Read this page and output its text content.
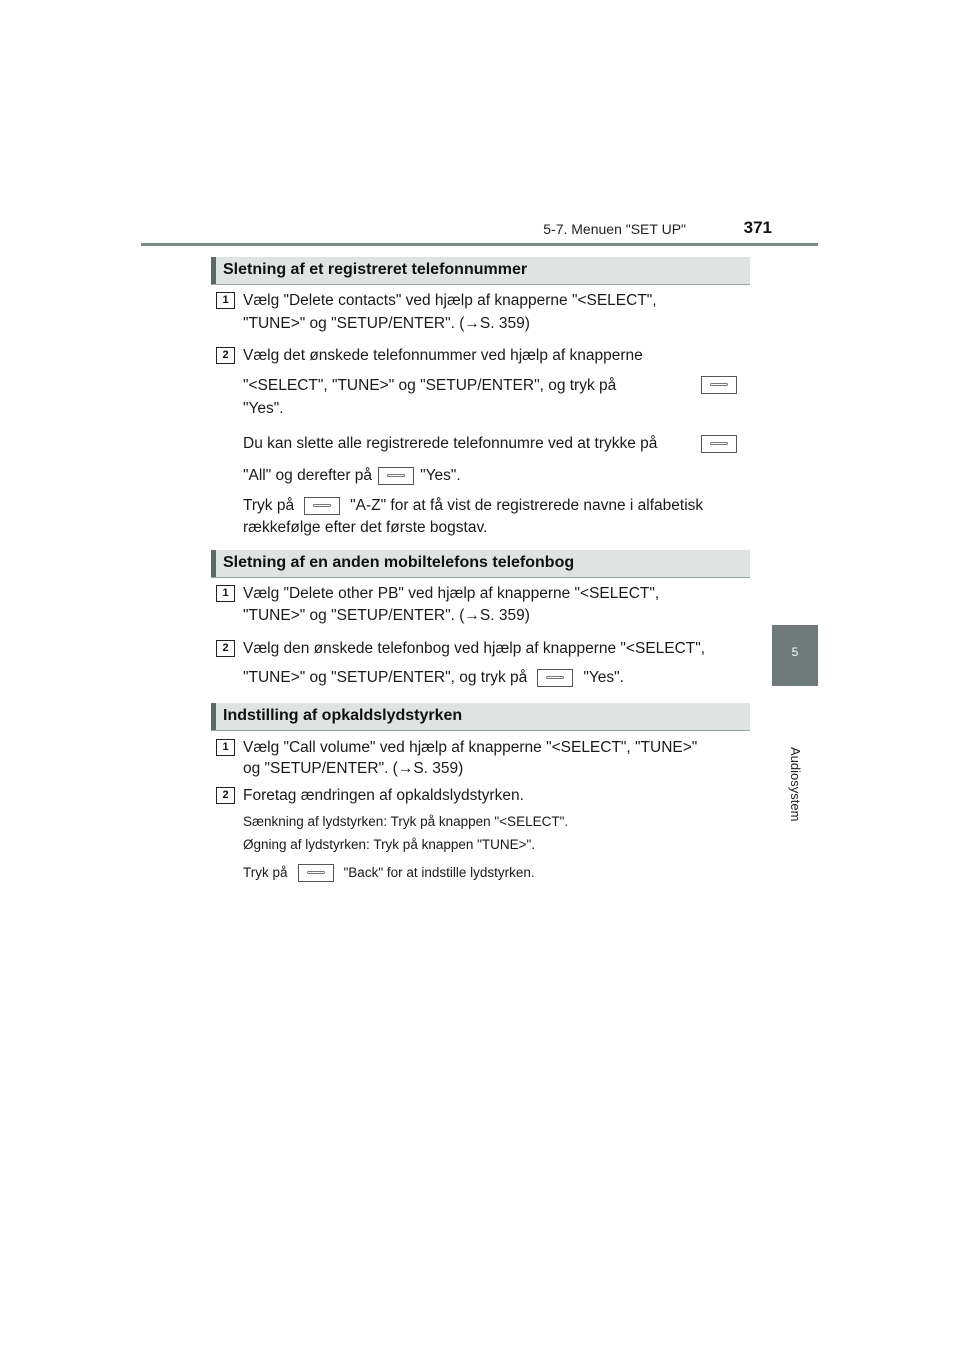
5-7. Menuen "SET UP"	371
5
Audiosystem
Sletning af et registreret telefonnummer
1 Vælg "Delete contacts" ved hjælp af knapperne "<SELECT",
"TUNE>" og "SETUP/ENTER". (→S. 359)
2 Vælg det ønskede telefonnummer ved hjælp af knapperne
"<SELECT", "TUNE>" og "SETUP/ENTER", og tryk på
"Yes".
Du kan slette alle registrerede telefonnumre ved at trykke på
"All" og derefter på	"Yes".
Tryk på	"A-Z" for at få vist de registrerede navne i alfabetisk
rækkefølge efter det første bogstav.
Sletning af en anden mobiltelefons telefonbog
1 Vælg "Delete other PB" ved hjælp af knapperne "<SELECT",
"TUNE>" og "SETUP/ENTER". (→S. 359)
2 Vælg den ønskede telefonbog ved hjælp af knapperne "<SELECT",
"TUNE>" og "SETUP/ENTER", og tryk på	"Yes".
Indstilling af opkaldslydstyrken
1 Vælg "Call volume" ved hjælp af knapperne "<SELECT", "TUNE>"
og "SETUP/ENTER". (→S. 359)
2 Foretag ændringen af opkaldslydstyrken.
Sænkning af lydstyrken: Tryk på knappen "<SELECT".
Øgning af lydstyrken: Tryk på knappen "TUNE>".
Tryk på	"Back" for at indstille lydstyrken.
